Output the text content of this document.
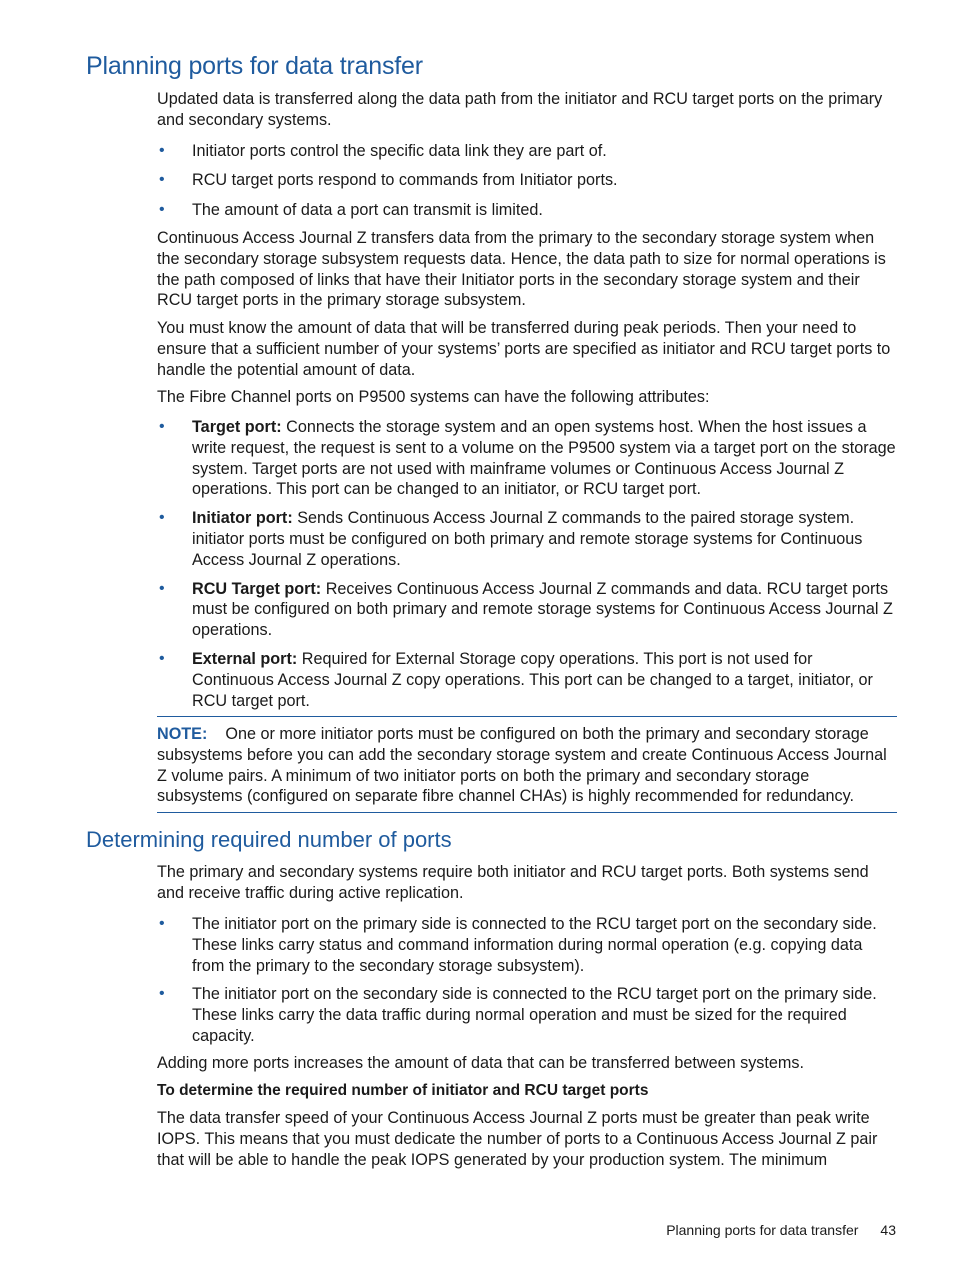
Planning ports for data transfer

Updated data is transferred along the data path from the initiator and RCU target ports on the primary and secondary systems.

• Initiator ports control the specific data link they are part of.
• RCU target ports respond to commands from Initiator ports.
• The amount of data a port can transmit is limited.

Continuous Access Journal Z transfers data from the primary to the secondary storage system when the secondary storage subsystem requests data. Hence, the data path to size for normal operations is the path composed of links that have their Initiator ports in the secondary storage system and their RCU target ports in the primary storage subsystem.

You must know the amount of data that will be transferred during peak periods. Then your need to ensure that a sufficient number of your systems’ ports are specified as initiator and RCU target ports to handle the potential amount of data.

The Fibre Channel ports on P9500 systems can have the following attributes:

• Target port: Connects the storage system and an open systems host. When the host issues a write request, the request is sent to a volume on the P9500 system via a target port on the storage system. Target ports are not used with mainframe volumes or Continuous Access Journal Z operations. This port can be changed to an initiator, or RCU target port.
• Initiator port: Sends Continuous Access Journal Z commands to the paired storage system. initiator ports must be configured on both primary and remote storage systems for Continuous Access Journal Z operations.
• RCU Target port: Receives Continuous Access Journal Z commands and data. RCU target ports must be configured on both primary and remote storage systems for Continuous Access Journal Z operations.
• External port: Required for External Storage copy operations. This port is not used for Continuous Access Journal Z copy operations. This port can be changed to a target, initiator, or RCU target port.
NOTE: One or more initiator ports must be configured on both the primary and secondary storage subsystems before you can add the secondary storage system and create Continuous Access Journal Z volume pairs. A minimum of two initiator ports on both the primary and secondary storage subsystems (configured on separate fibre channel CHAs) is highly recommended for redundancy.
Determining required number of ports

The primary and secondary systems require both initiator and RCU target ports. Both systems send and receive traffic during active replication.

• The initiator port on the primary side is connected to the RCU target port on the secondary side. These links carry status and command information during normal operation (e.g. copying data from the primary to the secondary storage subsystem).
• The initiator port on the secondary side is connected to the RCU target port on the primary side. These links carry the data traffic during normal operation and must be sized for the required capacity.

Adding more ports increases the amount of data that can be transferred between systems.

To determine the required number of initiator and RCU target ports

The data transfer speed of your Continuous Access Journal Z ports must be greater than peak write IOPS. This means that you must dedicate the number of ports to a Continuous Access Journal Z pair that will be able to handle the peak IOPS generated by your production system. The minimum

Planning ports for data transfer 43
